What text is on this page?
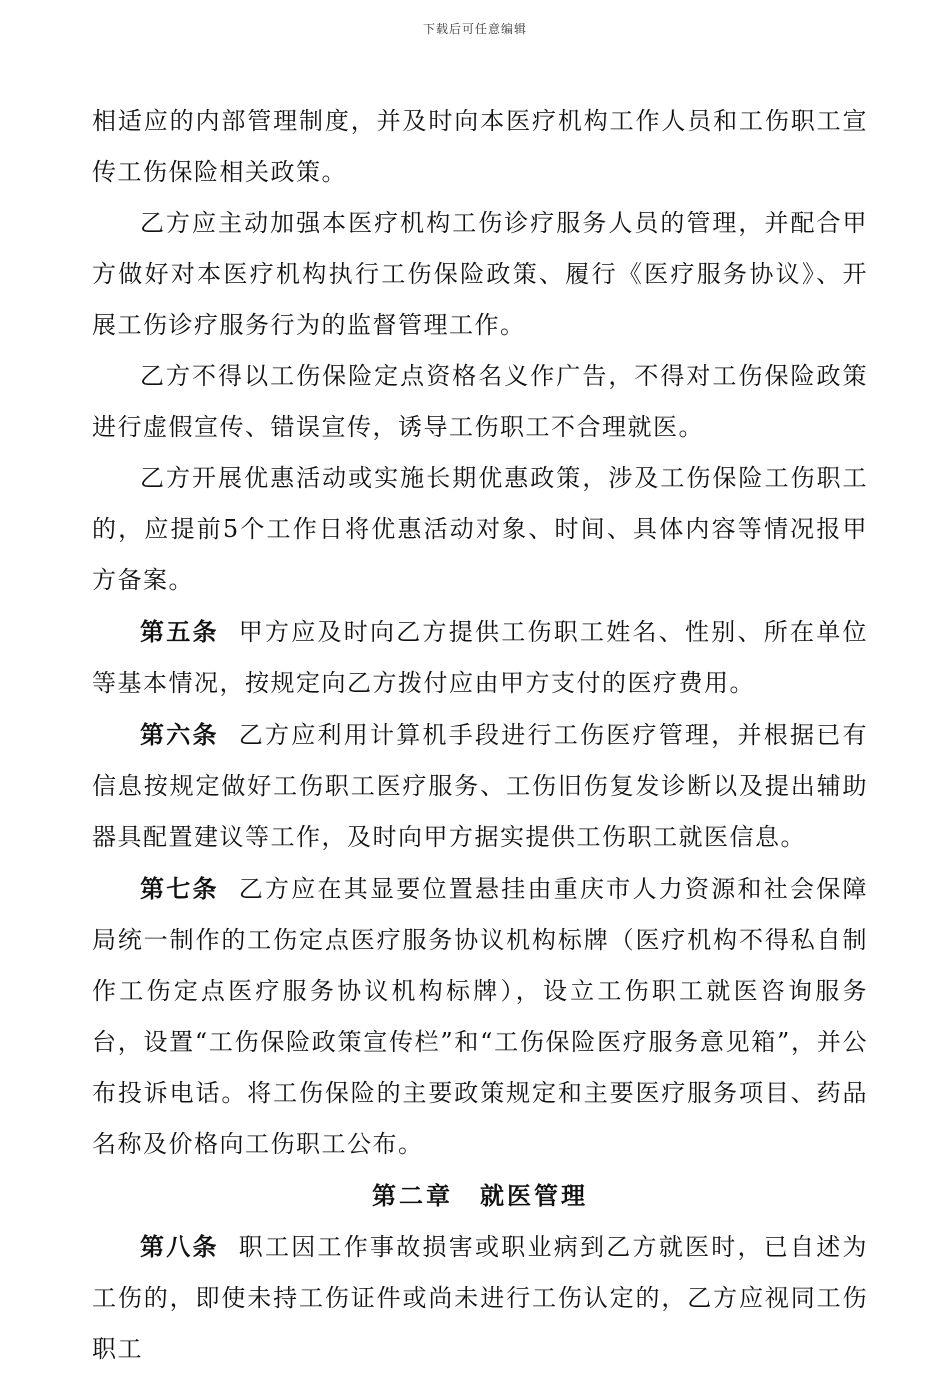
下载后可任意编辑

相适应的内部管理制度，并及时向本医疗机构工作人员和工伤职工宣传工伤保险相关政策。

乙方应主动加强本医疗机构工伤诊疗服务人员的管理，并配合甲方做好对本医疗机构执行工伤保险政策、履行《医疗服务协议》、开展工伤诊疗服务行为的监督管理工作。

乙方不得以工伤保险定点资格名义作广告，不得对工伤保险政策进行虚假宣传、错误宣传，诱导工伤职工不合理就医。

乙方开展优惠活动或实施长期优惠政策，涉及工伤保险工伤职工的，应提前5个工作日将优惠活动对象、时间、具体内容等情况报甲方备案。

第五条 甲方应及时向乙方提供工伤职工姓名、性别、所在单位等基本情况，按规定向乙方拨付应由甲方支付的医疗费用。

第六条 乙方应利用计算机手段进行工伤医疗管理，并根据已有信息按规定做好工伤职工医疗服务、工伤旧伤复发诊断以及提出辅助器具配置建议等工作，及时向甲方据实提供工伤职工就医信息。

第七条 乙方应在其显要位置悬挂由重庆市人力资源和社会保障局统一制作的工伤定点医疗服务协议机构标牌（医疗机构不得私自制作工伤定点医疗服务协议机构标牌），设立工伤职工就医咨询服务台，设置“工伤保险政策宣传栏”和“工伤保险医疗服务意见箱”，并公布投诉电话。将工伤保险的主要政策规定和主要医疗服务项目、药品名称及价格向工伤职工公布。

第二章　就医管理

第八条 职工因工作事故损害或职业病到乙方就医时，已自述为工伤的，即使未持工伤证件或尚未进行工伤认定的，乙方应视同工伤职工
